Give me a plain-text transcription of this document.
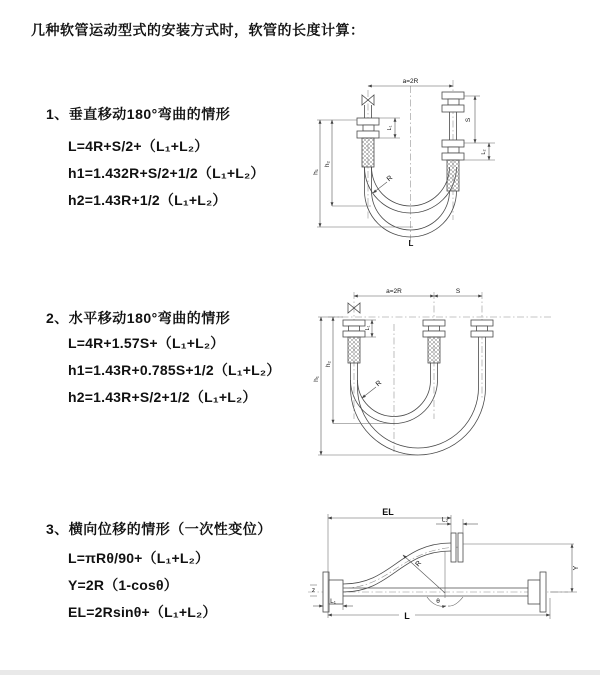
几种软管运动型式的安装方式时，软管的长度计算：
1、垂直移动180°弯曲的情形
L=4R+S/2+（L₁+L₂）
h1=1.432R+S/2+1/2（L₁+L₂）
h2=1.43R+1/2（L₁+L₂）
2、水平移动180°弯曲的情形
L=4R+1.57S+（L₁+L₂）
h1=1.43R+0.785S+1/2（L₁+L₂）
h2=1.43R+S/2+1/2（L₁+L₂）
3、横向位移的情形（一次性变位）
L=πRθ/90+（L₁+L₂）
Y=2R（1-cosθ）
EL=2Rsinθ+（L₁+L₂）
a=2R
S
L₂
L₁
h₁
h₂
R
L
a=2R	S
h₁
h₂
L₁
R
z
EL
L₂
Y
R
θ
L
L₁
